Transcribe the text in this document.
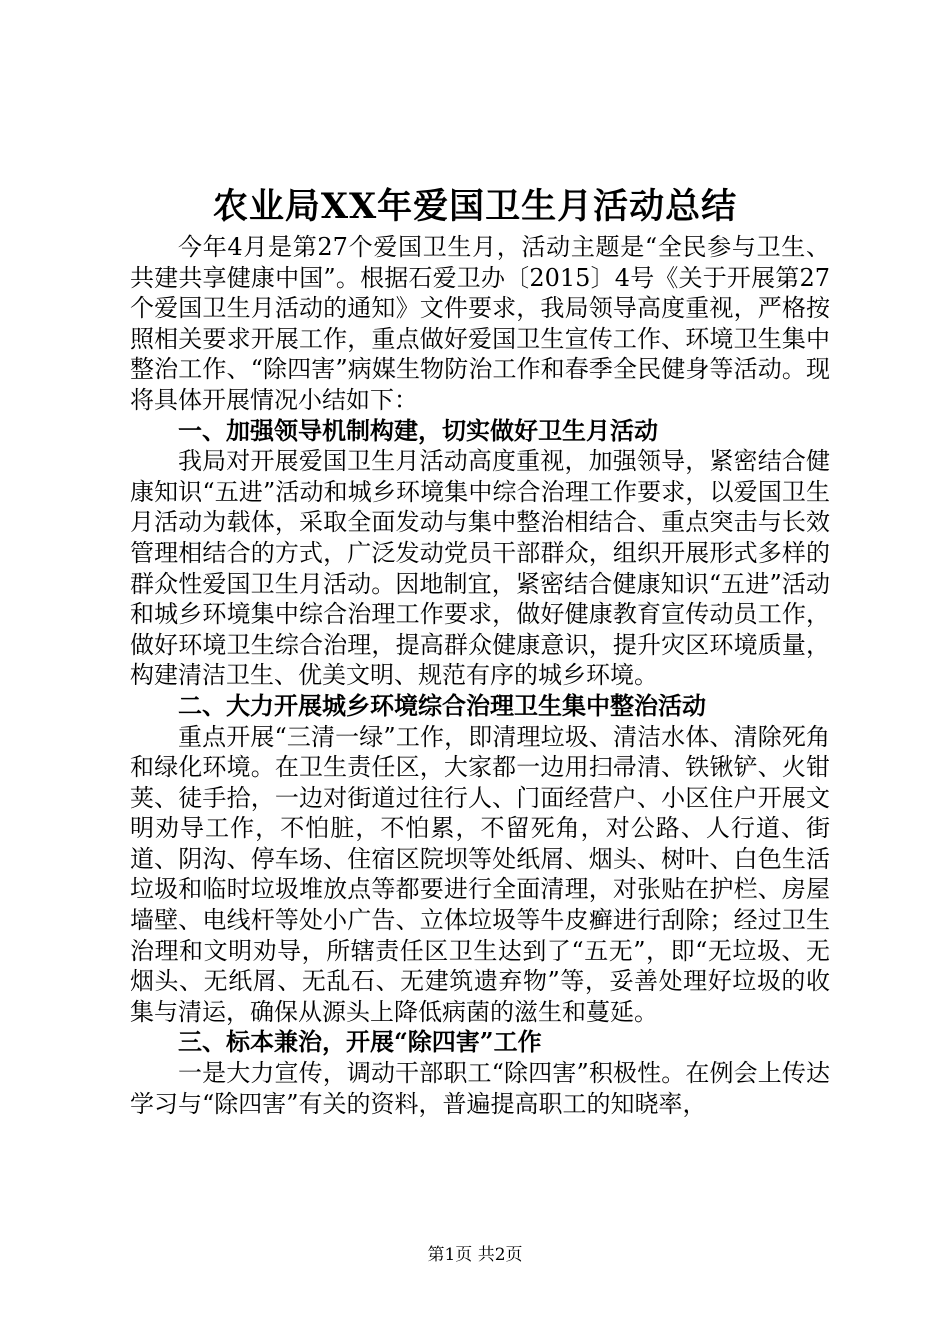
农业局XX年爱国卫生月活动总结

今年4月是第27个爱国卫生月，活动主题是“全民参与卫生、共建共享健康中国”。根据石爱卫办〔2015〕4号《关于开展第27个爱国卫生月活动的通知》文件要求，我局领导高度重视，严格按照相关要求开展工作，重点做好爱国卫生宣传工作、环境卫生集中整治工作、“除四害”病媒生物防治工作和春季全民健身等活动。现将具体开展情况小结如下：

一、加强领导机制构建，切实做好卫生月活动

我局对开展爱国卫生月活动高度重视，加强领导，紧密结合健康知识“五进”活动和城乡环境集中综合治理工作要求，以爱国卫生月活动为载体，采取全面发动与集中整治相结合、重点突击与长效管理相结合的方式，广泛发动党员干部群众，组织开展形式多样的群众性爱国卫生月活动。因地制宜，紧密结合健康知识“五进”活动和城乡环境集中综合治理工作要求，做好健康教育宣传动员工作，做好环境卫生综合治理，提高群众健康意识，提升灾区环境质量，构建清洁卫生、优美文明、规范有序的城乡环境。

二、大力开展城乡环境综合治理卫生集中整治活动

重点开展“三清一绿”工作，即清理垃圾、清洁水体、清除死角和绿化环境。在卫生责任区，大家都一边用扫帚清、铁锹铲、火钳荚、徒手拾，一边对街道过往行人、门面经营户、小区住户开展文明劝导工作，不怕脏，不怕累，不留死角，对公路、人行道、街道、阴沟、停车场、住宿区院坝等处纸屑、烟头、树叶、白色生活垃圾和临时垃圾堆放点等都要进行全面清理，对张贴在护栏、房屋墙壁、电线杆等处小广告、立体垃圾等牛皮癣进行刮除；经过卫生治理和文明劝导，所辖责任区卫生达到了“五无”，即“无垃圾、无烟头、无纸屑、无乱石、无建筑遗弃物”等，妥善处理好垃圾的收集与清运，确保从源头上降低病菌的滋生和蔓延。

三、标本兼治，开展“除四害”工作

一是大力宣传，调动干部职工“除四害”积极性。在例会上传达学习与“除四害”有关的资料，普遍提高职工的知晓率，

第1页 共2页
